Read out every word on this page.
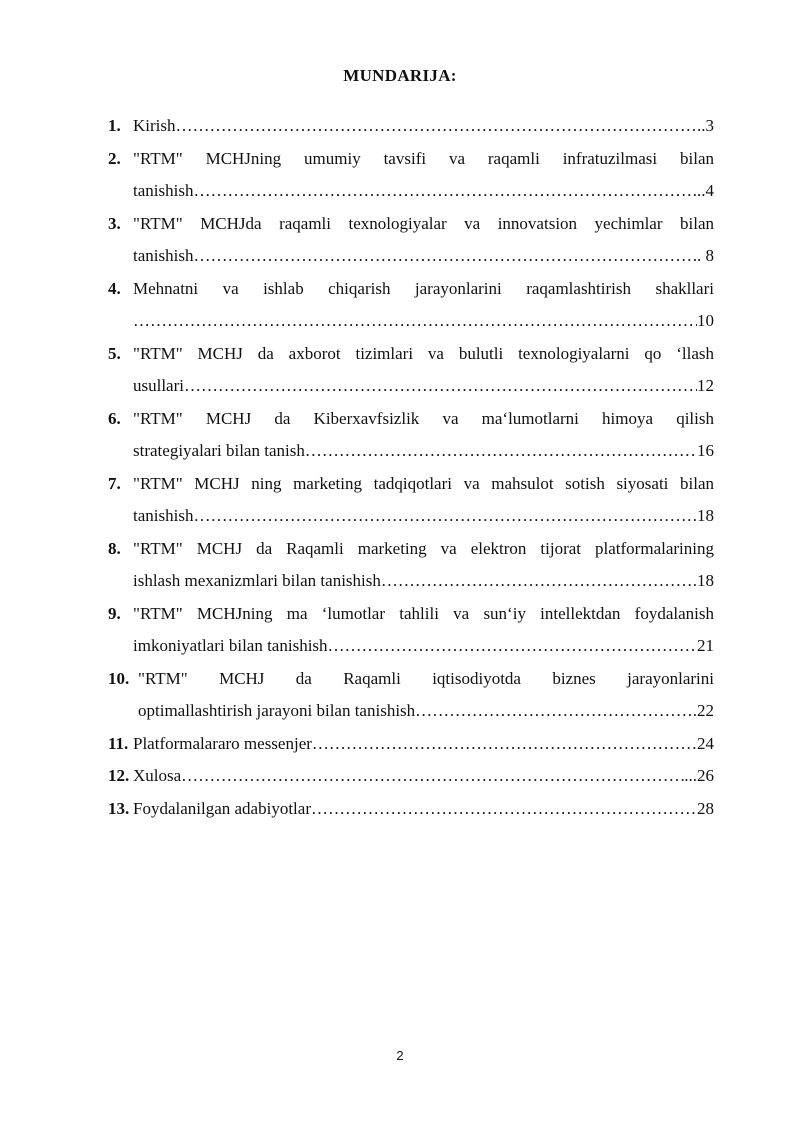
MUNDARIJA:
1. Kirish ……………………………………………………………………………………………………………………………………………………………	..3
2. "RTM" MCHJning umumiy tavsifi va raqamli infratuzilmasi bilan
tanishish ……………………………………………………………………………………………………………………………………………………………	...4
3. "RTM" MCHJda raqamli texnologiyalar va innovatsion yechimlar bilan
tanishish ……………………………………………………………………………………………………………………………………………………………	. 8
4. Mehnatni va ishlab chiqarish jarayonlarini raqamlashtirish shakllari
……………………………………………………………………………………………………………………………………………………………
10
5. "RTM" MCHJ da axborot tizimlari va bulutli texnologiyalarni qo ‘llash
usullari ……………………………………………………………………………………………………………………………………………………………	12
6. "RTM" MCHJ da Kiberxavfsizlik va ma‘lumotlarni himoya qilish
strategiyalari bilan tanish ……………………………………………………………………………………………………………………………………………………………	16
7. "RTM" MCHJ ning marketing tadqiqotlari va mahsulot sotish siyosati bilan
tanishish ……………………………………………………………………………………………………………………………………………………………	.18
8. "RTM" MCHJ da Raqamli marketing va elektron tijorat platformalarining
ishlash mexanizmlari bilan tanishish ……………………………………………………………………………………………………………………………………………………………	.18
9. "RTM" MCHJning ma ‘lumotlar tahlili va sun‘iy intellektdan foydalanish
imkoniyatlari bilan tanishish ……………………………………………………………………………………………………………………………………………………………	21
10. "RTM" MCHJ da Raqamli iqtisodiyotda biznes jarayonlarini
optimallashtirish jarayoni bilan tanishish ……………………………………………………………………………………………………………………………………………………………	.22
11. Platformalararo messenjer ……………………………………………………………………………………………………………………………………………………………	24
12. Xulosa ……………………………………………………………………………………………………………………………………………………………	...26
13. Foydalanilgan adabiyotlar ……………………………………………………………………………………………………………………………………………………………	28
2
